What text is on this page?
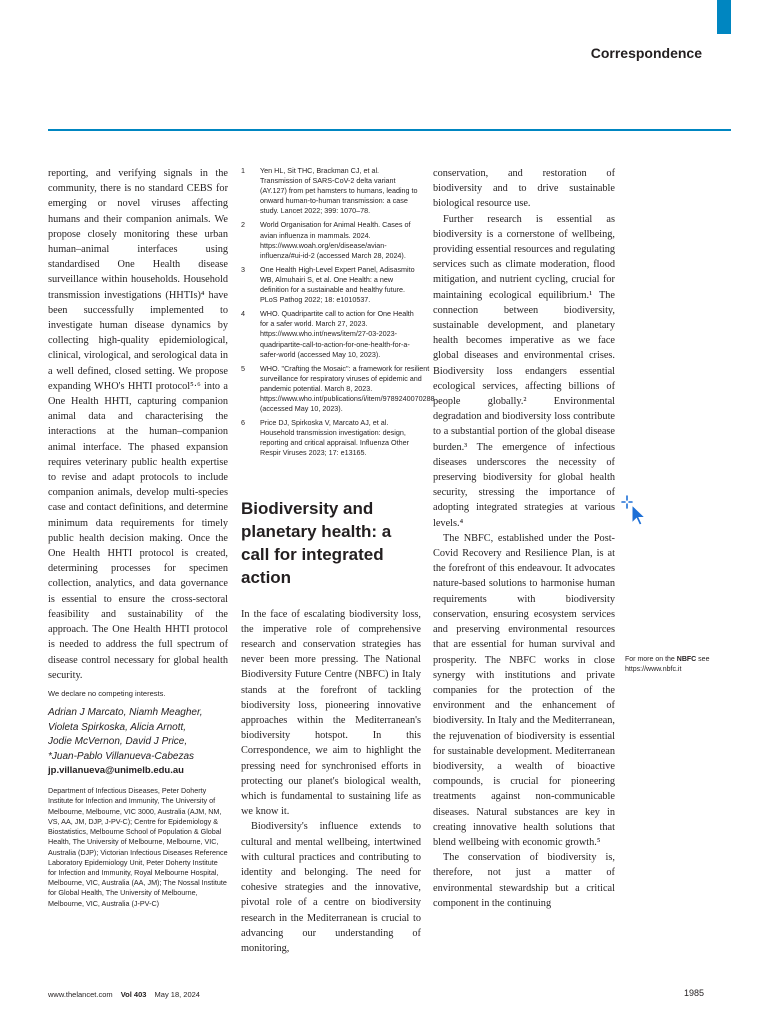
Correspondence

reporting, and verifying signals in the community, there is no standard CEBS for emerging or novel viruses affecting humans and their companion animals. We propose closely monitoring these urban human–animal interfaces using standardised One Health disease surveillance within households. Household transmission investigations (HHTIs)⁴ have been successfully implemented to investigate human disease dynamics by collecting high-quality epidemiological, clinical, virological, and serological data in a well defined, closed setting. We propose expanding WHO's HHTI protocol⁵·⁶ into a One Health HHTI, capturing companion animal data and characterising the interactions at the human–companion animal interface. The phased expansion requires veterinary public health expertise to revise and adapt protocols to include companion animals, develop multi-species case and contact definitions, and determine minimum data requirements for timely public health decision making. Once the One Health HHTI protocol is created, determining processes for specimen collection, analytics, and data governance is essential to ensure the cross-sectoral feasibility and sustainability of the approach. The One Health HHTI protocol is needed to address the full spectrum of disease control necessary for global health security.

We declare no competing interests.
Adrian J Marcato, Niamh Meagher,
Violeta Spirkoska, Alicia Arnott,
Jodie McVernon, David J Price,
*Juan-Pablo Villanueva-Cabezas
jp.villanueva@unimelb.edu.au
Department of Infectious Diseases, Peter Doherty Institute for Infection and Immunity, The University of Melbourne, Melbourne, VIC 3000, Australia (AJM, NM, VS, AA, JM, DJP, J-PV-C); Centre for Epidemiology & Biostatistics, Melbourne School of Population & Global Health, The University of Melbourne, Melbourne, VIC, Australia (DJP); Victorian Infectious Diseases Reference Laboratory Epidemiology Unit, Peter Doherty Institute for Infection and Immunity, Royal Melbourne Hospital, Melbourne, VIC, Australia (AA, JM); The Nossal Institute for Global Health, The University of Melbourne, Melbourne, VIC, Australia (J-PV-C)
1	Yen HL, Sit THC, Brackman CJ, et al. Transmission of SARS-CoV-2 delta variant (AY.127) from pet hamsters to humans, leading to onward human-to-human transmission: a case study. Lancet 2022; 399: 1070–78.
2	World Organisation for Animal Health. Cases of avian influenza in mammals. 2024. https://www.woah.org/en/disease/avian-influenza/#ui-id-2 (accessed March 28, 2024).
3	One Health High-Level Expert Panel, Adisasmito WB, Almuhairi S, et al. One Health: a new definition for a sustainable and healthy future. PLoS Pathog 2022; 18: e1010537.
4	WHO. Quadripartite call to action for One Health for a safer world. March 27, 2023. https://www.who.int/news/item/27-03-2023-quadripartite-call-to-action-for-one-health-for-a-safer-world (accessed May 10, 2023).
5	WHO. "Crafting the Mosaic": a framework for resilient surveillance for respiratory viruses of epidemic and pandemic potential. March 8, 2023. https://www.who.int/publications/i/item/9789240070288 (accessed May 10, 2023).
6	Price DJ, Spirkoska V, Marcato AJ, et al. Household transmission investigation: design, reporting and critical appraisal. Influenza Other Respir Viruses 2023; 17: e13165.
Biodiversity and planetary health: a call for integrated action

In the face of escalating biodiversity loss, the imperative role of comprehensive research and conservation strategies has never been more pressing. The National Biodiversity Future Centre (NBFC) in Italy stands at the forefront of tackling biodiversity loss, pioneering innovative approaches within the Mediterranean's biodiversity hotspot. In this Correspondence, we aim to highlight the pressing need for synchronised efforts in protecting our planet's biological wealth, which is fundamental to sustaining life as we know it.

Biodiversity's influence extends to cultural and mental wellbeing, intertwined with cultural practices and contributing to identity and belonging. The need for cohesive strategies and the innovative, pivotal role of a centre on biodiversity research in the Mediterranean is crucial to advancing our understanding of monitoring,

conservation, and restoration of biodiversity and to drive sustainable biological resource use.

Further research is essential as biodiversity is a cornerstone of wellbeing, providing essential resources and regulating services such as climate moderation, flood mitigation, and nutrient cycling, crucial for maintaining ecological equilibrium.¹ The connection between biodiversity, sustainable development, and planetary health becomes imperative as we face global diseases and environmental crises. Biodiversity loss endangers essential ecological services, affecting billions of people globally.² Environmental degradation and biodiversity loss contribute to a substantial portion of the global disease burden.³ The emergence of infectious diseases underscores the necessity of preserving biodiversity for global health security, stressing the importance of adopting integrated strategies at various levels.⁴

The NBFC, established under the Post-Covid Recovery and Resilience Plan, is at the forefront of this endeavour. It advocates nature-based solutions to harmonise human requirements with biodiversity conservation, ensuring ecosystem services and preserving environmental resources that are essential for human survival and prosperity. The NBFC works in close synergy with institutions and private companies for the protection of the environment and the enhancement of biodiversity. In Italy and the Mediterranean, the rejuvenation of biodiversity is essential for sustainable development. Mediterranean biodiversity, a wealth of bioactive compounds, is crucial for pioneering treatments against non-communicable diseases. Natural substances are key in creating innovative health solutions that blend wellbeing with economic growth.⁵

The conservation of biodiversity is, therefore, not just a matter of environmental stewardship but a critical component in the continuing

For more on the NBFC see https://www.nbfc.it
www.thelancet.com Vol 403 May 18, 2024	1985
